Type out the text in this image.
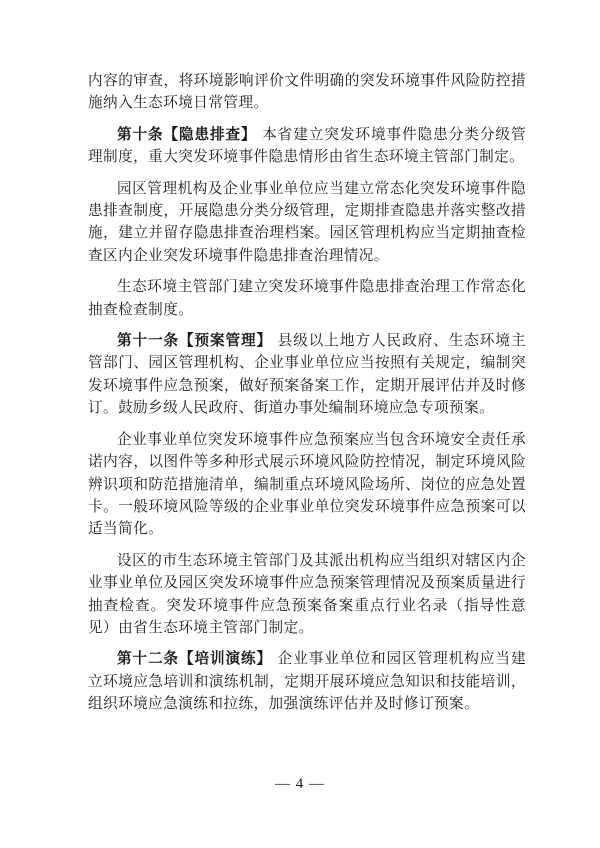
内容的审查，将环境影响评价文件明确的突发环境事件风险防控措施纳入生态环境日常管理。

第十条【隐患排查】 本省建立突发环境事件隐患分类分级管理制度，重大突发环境事件隐患情形由省生态环境主管部门制定。

园区管理机构及企业事业单位应当建立常态化突发环境事件隐患排查制度，开展隐患分类分级管理，定期排查隐患并落实整改措施，建立并留存隐患排查治理档案。园区管理机构应当定期抽查检查区内企业突发环境事件隐患排查治理情况。

生态环境主管部门建立突发环境事件隐患排查治理工作常态化抽查检查制度。

第十一条【预案管理】 县级以上地方人民政府、生态环境主管部门、园区管理机构、企业事业单位应当按照有关规定，编制突发环境事件应急预案，做好预案备案工作，定期开展评估并及时修订。鼓励乡级人民政府、街道办事处编制环境应急专项预案。

企业事业单位突发环境事件应急预案应当包含环境安全责任承诺内容，以图件等多种形式展示环境风险防控情况，制定环境风险辨识项和防范措施清单，编制重点环境风险场所、岗位的应急处置卡。一般环境风险等级的企业事业单位突发环境事件应急预案可以适当简化。

设区的市生态环境主管部门及其派出机构应当组织对辖区内企业事业单位及园区突发环境事件应急预案管理情况及预案质量进行抽查检查。突发环境事件应急预案备案重点行业名录（指导性意见）由省生态环境主管部门制定。

第十二条【培训演练】 企业事业单位和园区管理机构应当建立环境应急培训和演练机制，定期开展环境应急知识和技能培训，组织环境应急演练和拉练，加强演练评估并及时修订预案。

— 4 —
